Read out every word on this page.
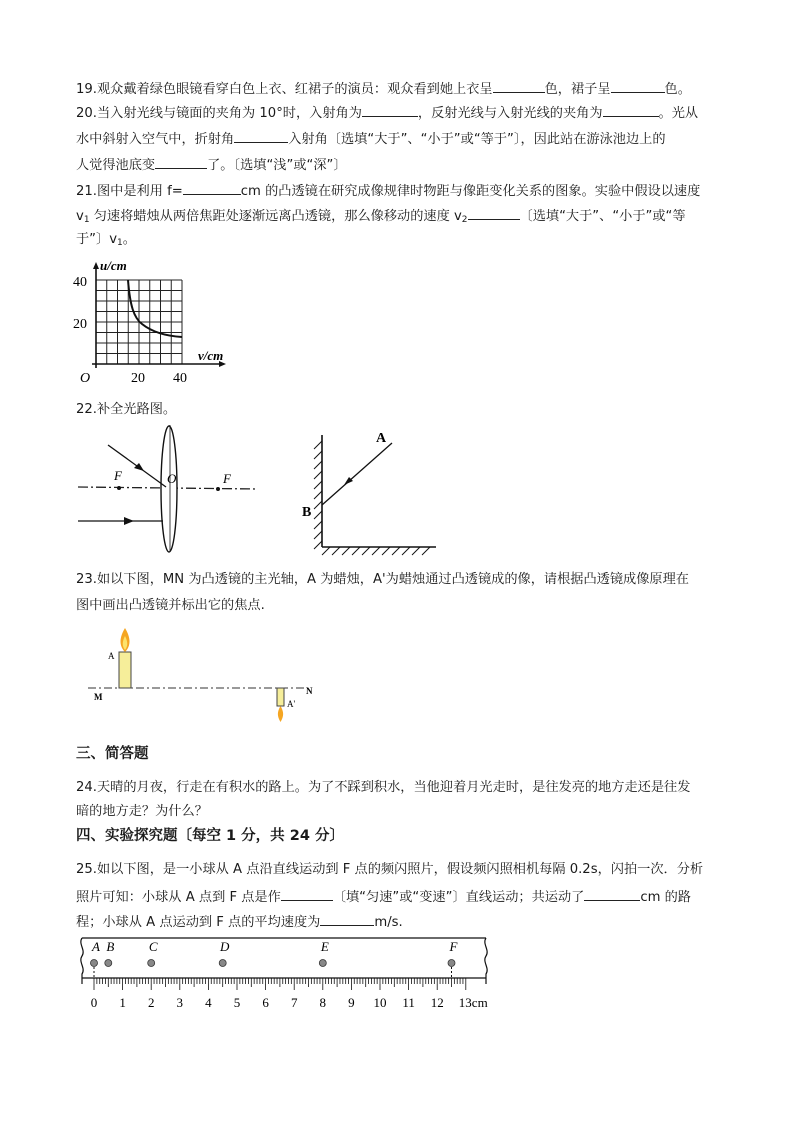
19.观众戴着绿色眼镜看穿白色上衣、红裙子的演员：观众看到她上衣呈	色，裙子呈	色。
20.当入射光线与镜面的夹角为 10°时，入射角为	，反射光线与入射光线的夹角为	。光从
水中斜射入空气中，折射角	入射角〔选填“大于”、“小于”或“等于”〕，因此站在游泳池边上的
人觉得池底变	了。〔选填“浅”或“深”〕
21.图中是利用 f=	cm 的凸透镜在研究成像规律时物距与像距变化关系的图象。实验中假设以速度
$v_1$ 匀速将蜡烛从两倍焦距处逐渐远离凸透镜，那么像移动的速度 $v_2$	〔选填“大于”、“小于”或“等
于”〕$v_1$。
u/cm
v/cm
40
20
O	20 40
22.补全光路图。
F	O	F
A
B
23.如以下图，MN 为凸透镜的主光轴，A 为蜡烛，A'为蜡烛通过凸透镜成的像，请根据凸透镜成像原理在
图中画出凸透镜并标出它的焦点.
A
M
N
A'
三、简答题
24.天晴的月夜，行走在有积水的路上。为了不踩到积水，当他迎着月光走时，是往发亮的地方走还是往发
暗的地方走？为什么？
四、实验探究题〔每空 1 分，共 24 分〕
25.如以下图，是一小球从 A 点沿直线运动到 F 点的频闪照片，假设频闪照相机每隔 0.2s，闪拍一次．分析
照片可知：小球从 A 点到 F 点是作	〔填“匀速”或“变速”〕直线运动；共运动了	cm 的路
程；小球从 A 点运动到 F 点的平均速度为	m/s.
A B	C	D	E	F
0 1 2 3 4 5 6 7 8 9 10 11 12 13cm
